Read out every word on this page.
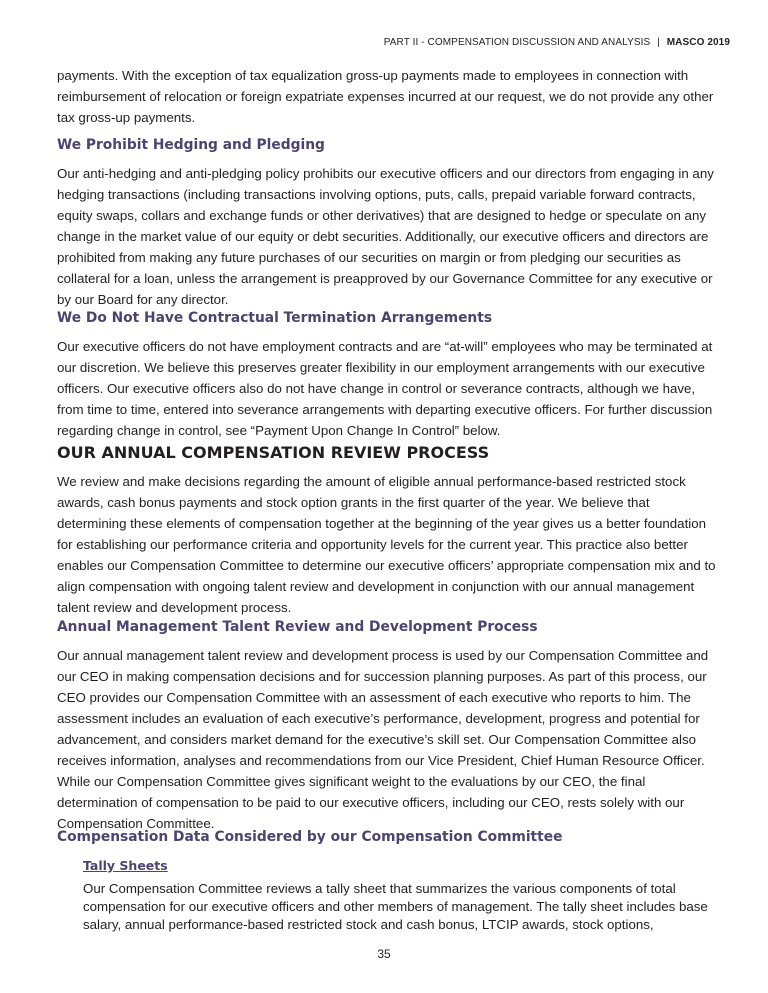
PART II - COMPENSATION DISCUSSION AND ANALYSIS | MASCO 2019

payments. With the exception of tax equalization gross-up payments made to employees in connection with reimbursement of relocation or foreign expatriate expenses incurred at our request, we do not provide any other tax gross-up payments.

We Prohibit Hedging and Pledging

Our anti-hedging and anti-pledging policy prohibits our executive officers and our directors from engaging in any hedging transactions (including transactions involving options, puts, calls, prepaid variable forward contracts, equity swaps, collars and exchange funds or other derivatives) that are designed to hedge or speculate on any change in the market value of our equity or debt securities. Additionally, our executive officers and directors are prohibited from making any future purchases of our securities on margin or from pledging our securities as collateral for a loan, unless the arrangement is preapproved by our Governance Committee for any executive or by our Board for any director.

We Do Not Have Contractual Termination Arrangements

Our executive officers do not have employment contracts and are “at-will” employees who may be terminated at our discretion. We believe this preserves greater flexibility in our employment arrangements with our executive officers. Our executive officers also do not have change in control or severance contracts, although we have, from time to time, entered into severance arrangements with departing executive officers. For further discussion regarding change in control, see “Payment Upon Change In Control” below.

OUR ANNUAL COMPENSATION REVIEW PROCESS

We review and make decisions regarding the amount of eligible annual performance-based restricted stock awards, cash bonus payments and stock option grants in the first quarter of the year. We believe that determining these elements of compensation together at the beginning of the year gives us a better foundation for establishing our performance criteria and opportunity levels for the current year. This practice also better enables our Compensation Committee to determine our executive officers’ appropriate compensation mix and to align compensation with ongoing talent review and development in conjunction with our annual management talent review and development process.

Annual Management Talent Review and Development Process

Our annual management talent review and development process is used by our Compensation Committee and our CEO in making compensation decisions and for succession planning purposes. As part of this process, our CEO provides our Compensation Committee with an assessment of each executive who reports to him. The assessment includes an evaluation of each executive’s performance, development, progress and potential for advancement, and considers market demand for the executive’s skill set. Our Compensation Committee also receives information, analyses and recommendations from our Vice President, Chief Human Resource Officer. While our Compensation Committee gives significant weight to the evaluations by our CEO, the final determination of compensation to be paid to our executive officers, including our CEO, rests solely with our Compensation Committee.

Compensation Data Considered by our Compensation Committee
Tally Sheets

Our Compensation Committee reviews a tally sheet that summarizes the various components of total compensation for our executive officers and other members of management. The tally sheet includes base salary, annual performance-based restricted stock and cash bonus, LTCIP awards, stock options,

35
